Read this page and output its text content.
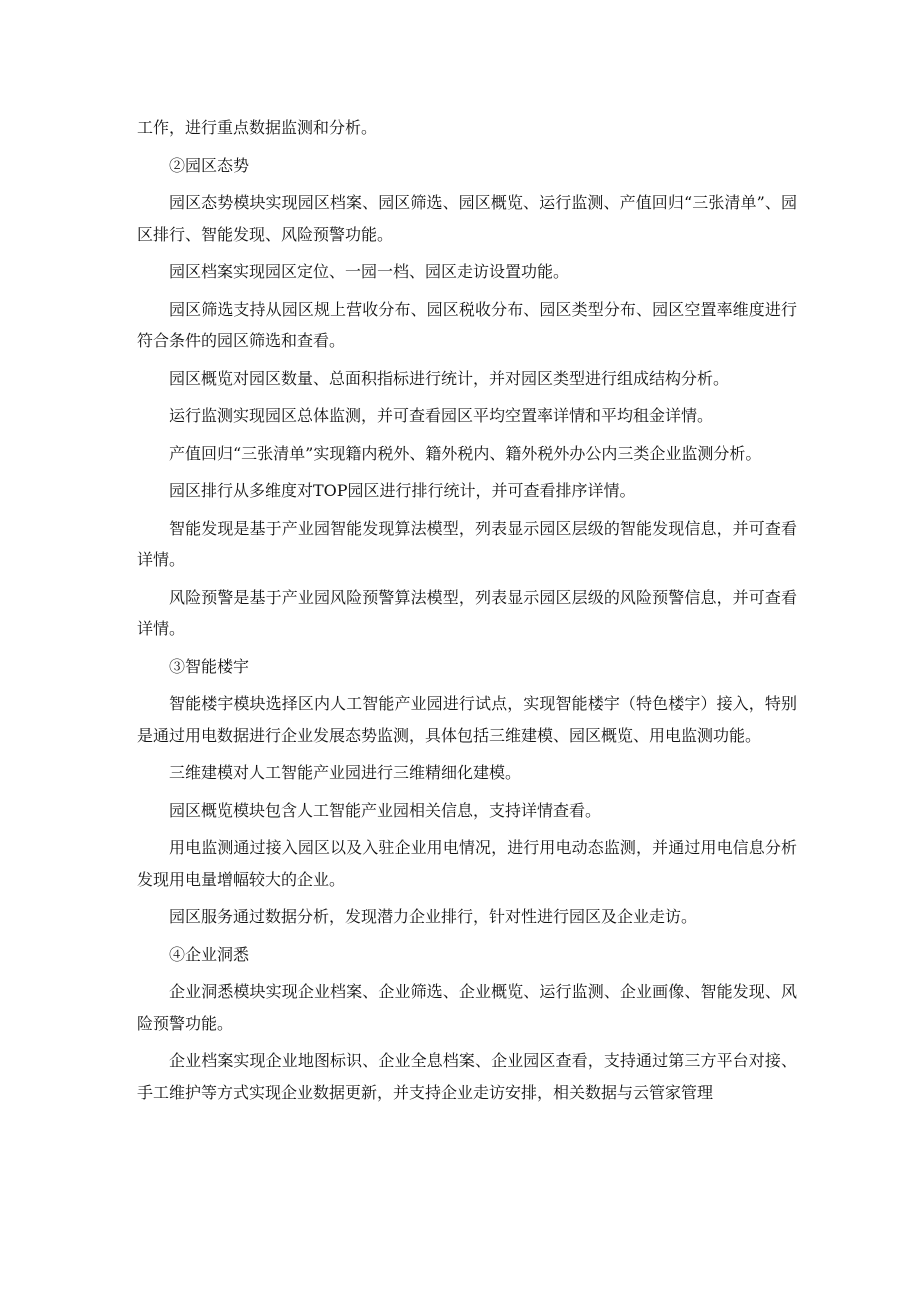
工作，进行重点数据监测和分析。

②园区态势

园区态势模块实现园区档案、园区筛选、园区概览、运行监测、产值回归“三张清单”、园区排行、智能发现、风险预警功能。

园区档案实现园区定位、一园一档、园区走访设置功能。

园区筛选支持从园区规上营收分布、园区税收分布、园区类型分布、园区空置率维度进行符合条件的园区筛选和查看。

园区概览对园区数量、总面积指标进行统计，并对园区类型进行组成结构分析。

运行监测实现园区总体监测，并可查看园区平均空置率详情和平均租金详情。

产值回归“三张清单”实现籍内税外、籍外税内、籍外税外办公内三类企业监测分析。

园区排行从多维度对TOP园区进行排行统计，并可查看排序详情。

智能发现是基于产业园智能发现算法模型，列表显示园区层级的智能发现信息，并可查看详情。

风险预警是基于产业园风险预警算法模型，列表显示园区层级的风险预警信息，并可查看详情。

③智能楼宇

智能楼宇模块选择区内人工智能产业园进行试点，实现智能楼宇（特色楼宇）接入，特别是通过用电数据进行企业发展态势监测，具体包括三维建模、园区概览、用电监测功能。

三维建模对人工智能产业园进行三维精细化建模。

园区概览模块包含人工智能产业园相关信息，支持详情查看。

用电监测通过接入园区以及入驻企业用电情况，进行用电动态监测，并通过用电信息分析发现用电量增幅较大的企业。

园区服务通过数据分析，发现潜力企业排行，针对性进行园区及企业走访。

④企业洞悉

企业洞悉模块实现企业档案、企业筛选、企业概览、运行监测、企业画像、智能发现、风险预警功能。

企业档案实现企业地图标识、企业全息档案、企业园区查看，支持通过第三方平台对接、手工维护等方式实现企业数据更新，并支持企业走访安排，相关数据与云管家管理
